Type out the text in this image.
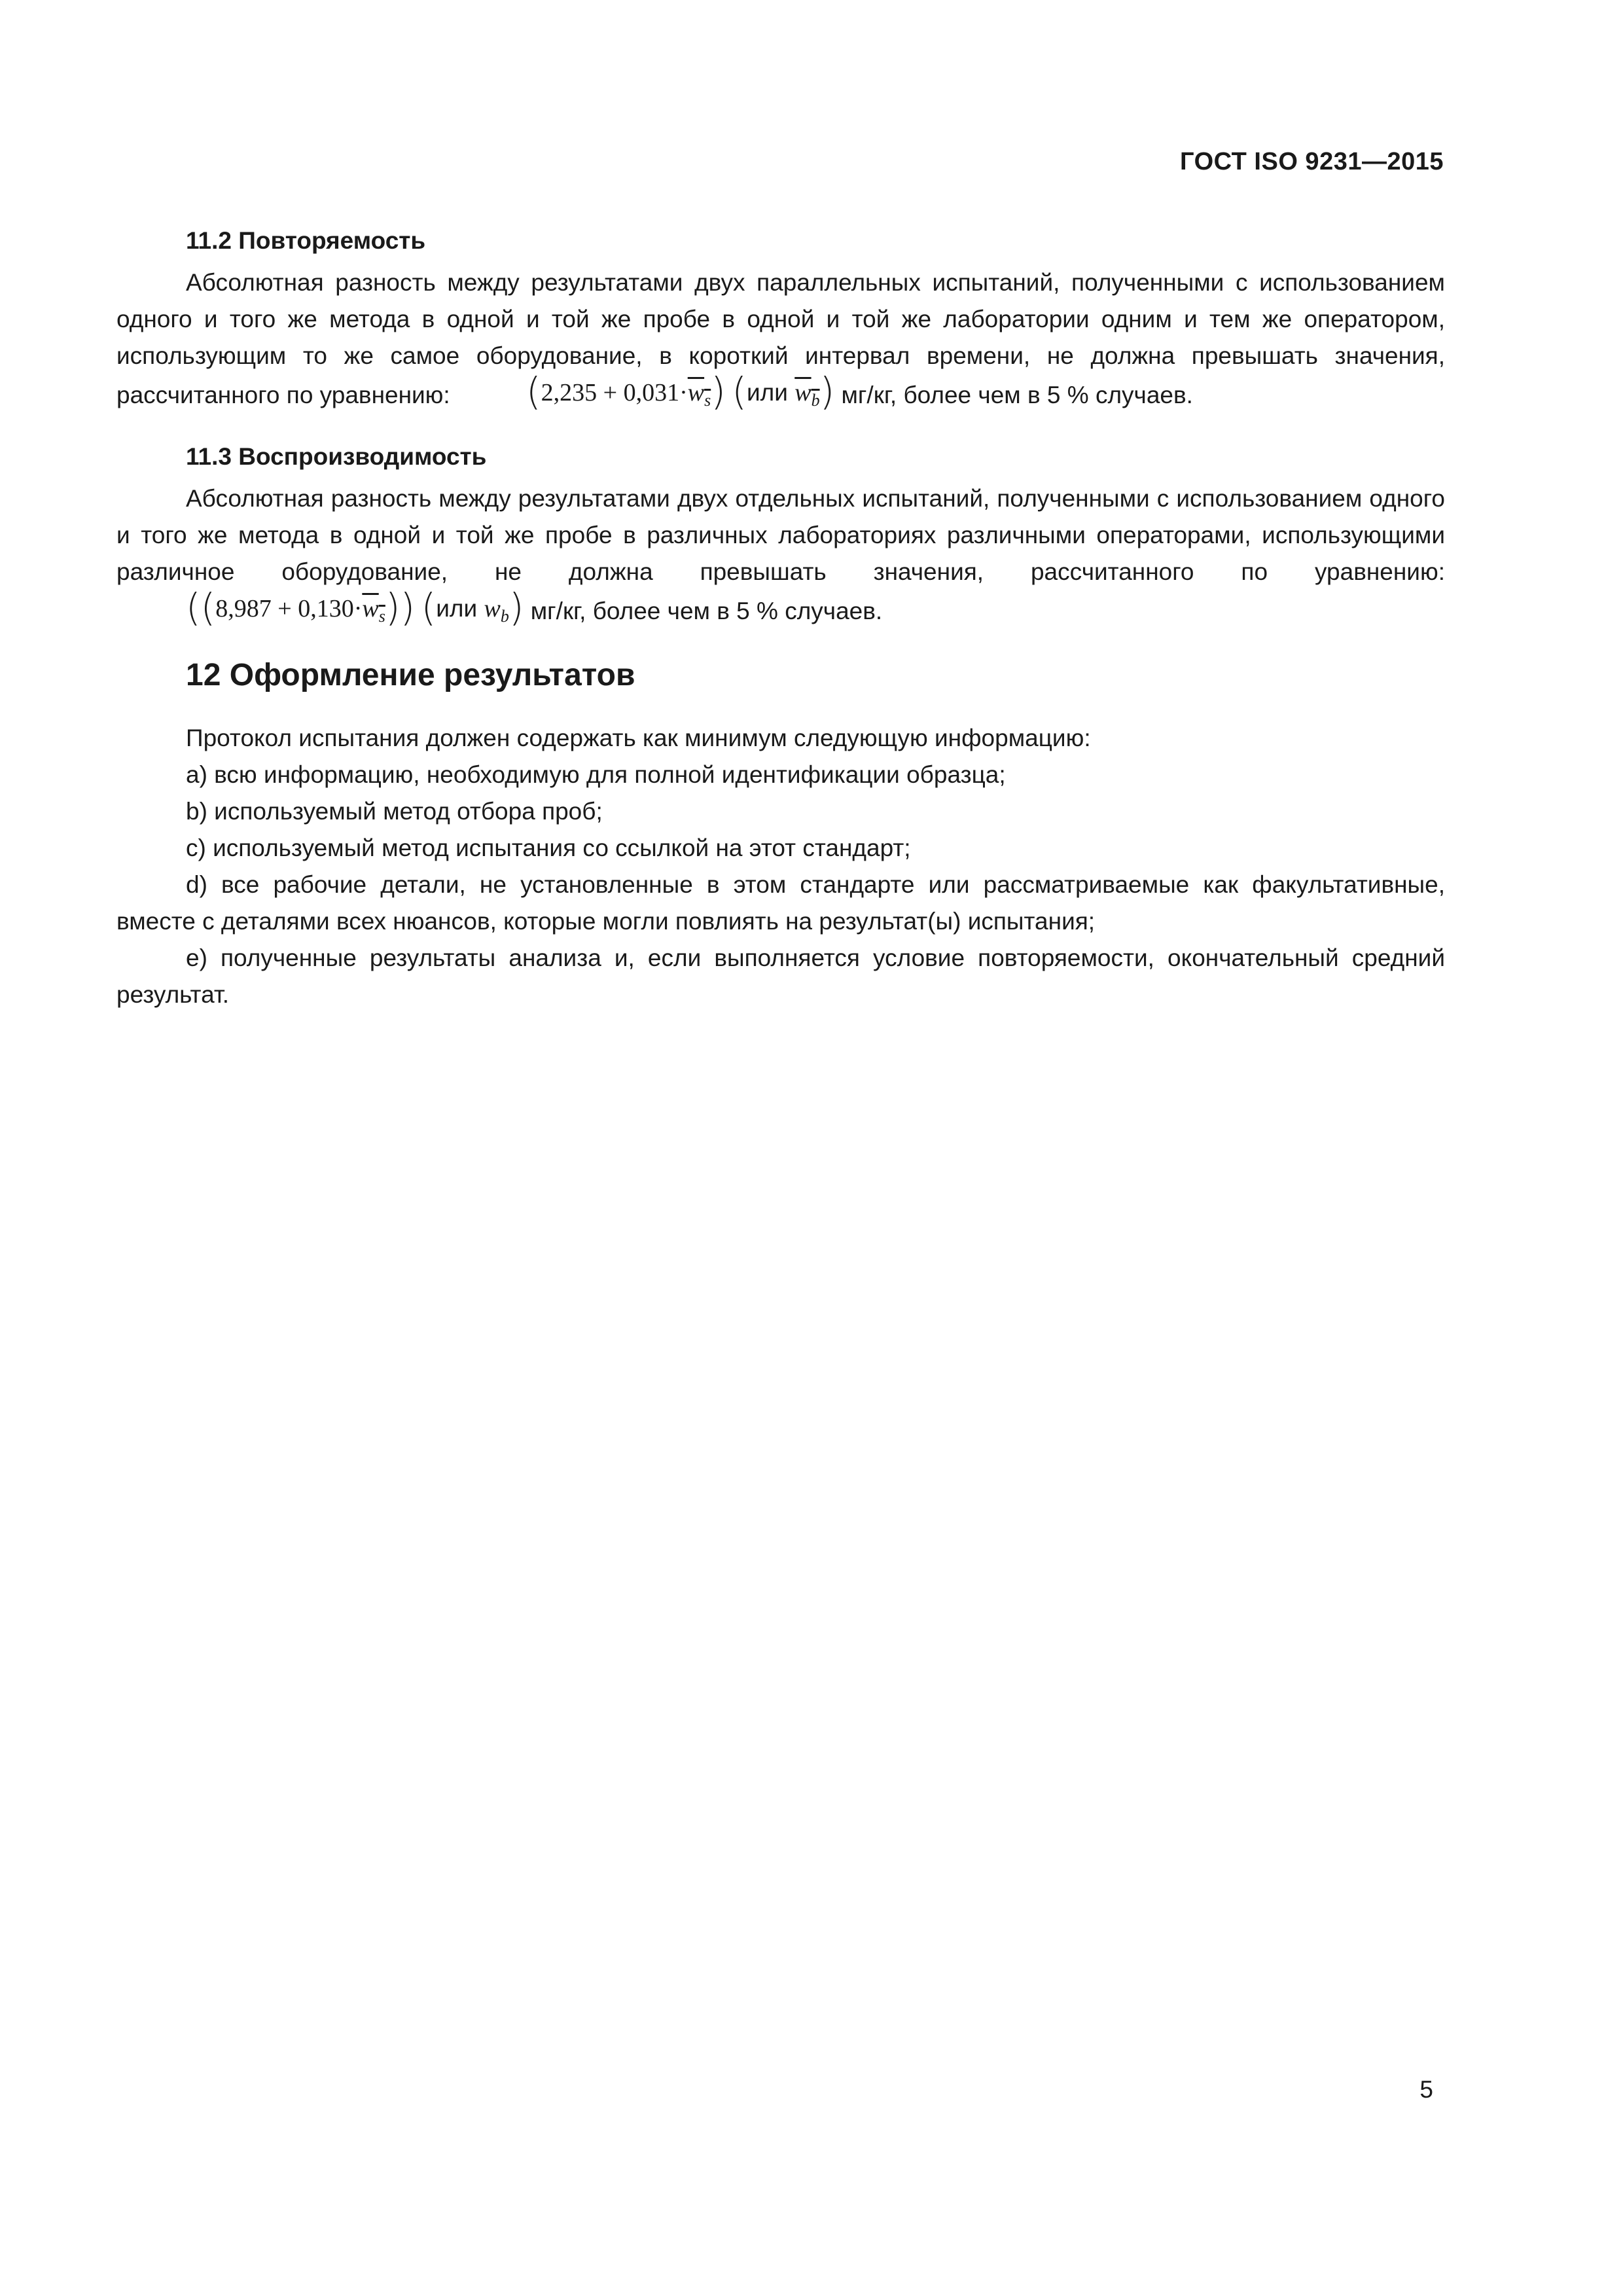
ГОСТ ISO 9231—2015
11.2 Повторяемость

Абсолютная разность между результатами двух параллельных испытаний, полученными с использованием одного и того же метода в одной и той же пробе в одной и той же лаборатории одним и тем же оператором, использующим то же самое оборудование, в короткий интервал времени, не должна превышать значения, рассчитанного по уравнению: $(2,235 + 0,031\cdot w_s)$ (или $w_b$) мг/кг, более чем в 5 % случаев.

11.3 Воспроизводимость

Абсолютная разность между результатами двух отдельных испытаний, полученными с использованием одного и того же метода в одной и той же пробе в различных лабораториях различными операторами, использующими различное оборудование, не должна превышать значения, рассчитанного по уравнению: $((8,987 + 0,130\cdot w_s))$ (или $w_b$) мг/кг, более чем в 5 % случаев.

12 Оформление результатов

Протокол испытания должен содержать как минимум следующую информацию:

а) всю информацию, необходимую для полной идентификации образца;

b) используемый метод отбора проб;

с) используемый метод испытания со ссылкой на этот стандарт;

d) все рабочие детали, не установленные в этом стандарте или рассматриваемые как факультативные, вместе с деталями всех нюансов, которые могли повлиять на результат(ы) испытания;

е) полученные результаты анализа и, если выполняется условие повторяемости, окончательный средний результат.

5
